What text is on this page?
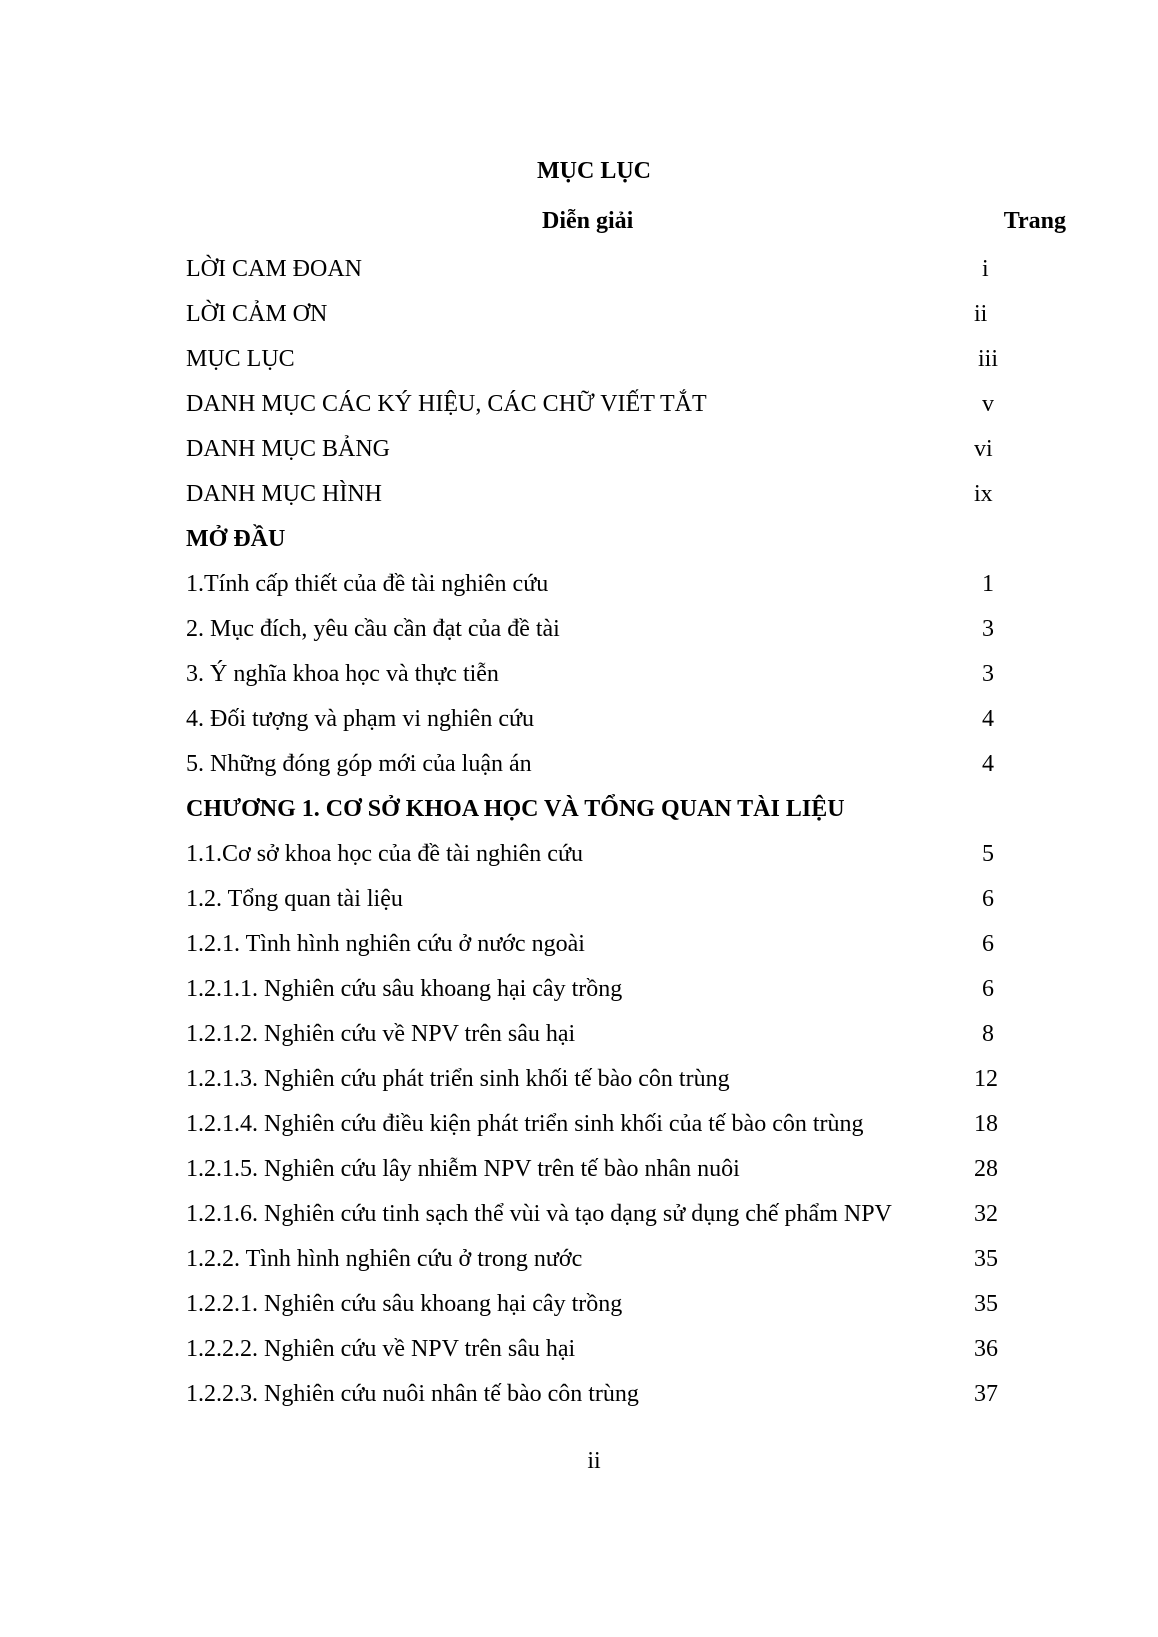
MỤC LỤC
Diễn giải	Trang
LỜI CAM ĐOAN	i
LỜI CẢM ƠN	ii
MỤC LỤC	iii
DANH MỤC CÁC KÝ HIỆU, CÁC CHỮ VIẾT TẮT	v
DANH MỤC BẢNG	vi
DANH MỤC HÌNH	ix
MỞ ĐẦU
1.Tính cấp thiết của đề tài nghiên cứu	1
2. Mục đích, yêu cầu cần đạt của đề tài	3
3. Ý nghĩa khoa học và thực tiễn	3
4. Đối tượng và phạm vi nghiên cứu	4
5. Những đóng góp mới của luận án	4
CHƯƠNG 1. CƠ SỞ KHOA HỌC VÀ TỔNG QUAN TÀI LIỆU
1.1.Cơ sở khoa học của đề tài nghiên cứu	5
1.2. Tổng quan tài liệu	6
1.2.1. Tình hình nghiên cứu ở nước ngoài	6
1.2.1.1. Nghiên cứu sâu khoang hại cây trồng	6
1.2.1.2. Nghiên cứu về NPV trên sâu hại	8
1.2.1.3. Nghiên cứu phát triển sinh khối tế bào côn trùng	12
1.2.1.4. Nghiên cứu điều kiện phát triển sinh khối của tế bào côn trùng	18
1.2.1.5. Nghiên cứu lây nhiễm NPV trên tế bào nhân nuôi	28
1.2.1.6. Nghiên cứu tinh sạch thể vùi và tạo dạng sử dụng chế phẩm NPV	32
1.2.2. Tình hình nghiên cứu ở trong nước	35
1.2.2.1. Nghiên cứu sâu khoang hại cây trồng	35
1.2.2.2. Nghiên cứu về NPV trên sâu hại	36
1.2.2.3. Nghiên cứu nuôi nhân tế bào côn trùng	37
ii
